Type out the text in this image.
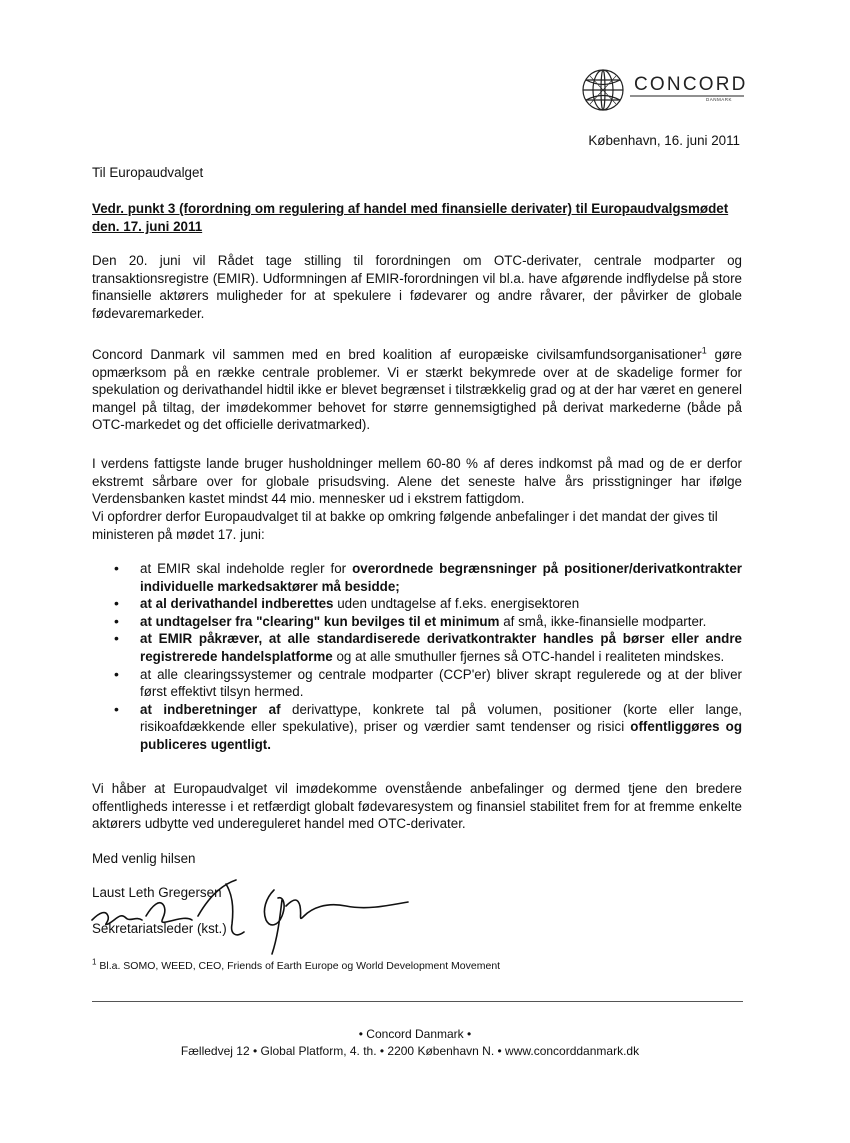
CONCORD
DANMARK
København, 16. juni 2011
Til Europaudvalget
Vedr. punkt 3 (forordning om regulering af handel med finansielle derivater) til Europaudvalgsmødet den. 17. juni 2011
Den 20. juni vil Rådet tage stilling til forordningen om OTC-derivater, centrale modparter og transaktionsregistre (EMIR). Udformningen af EMIR-forordningen vil bl.a. have afgørende indflydelse på store finansielle aktørers muligheder for at spekulere i fødevarer og andre råvarer, der påvirker de globale fødevaremarkeder.
Concord Danmark vil sammen med en bred koalition af europæiske civilsamfundsorganisationer$^1$ gøre opmærksom på en række centrale problemer. Vi er stærkt bekymrede over at de skadelige former for spekulation og derivathandel hidtil ikke er blevet begrænset i tilstrækkelig grad og at der har været en generel mangel på tiltag, der imødekommer behovet for større gennemsigtighed på derivat markederne (både på OTC-markedet og det officielle derivatmarked).
I verdens fattigste lande bruger husholdninger mellem 60-80 % af deres indkomst på mad og de er derfor ekstremt sårbare over for globale prisudsving. Alene det seneste halve års prisstigninger har ifølge Verdensbanken kastet mindst 44 mio. mennesker ud i ekstrem fattigdom.
Vi opfordrer derfor Europaudvalget til at bakke op omkring følgende anbefalinger i det mandat der gives til ministeren på mødet 17. juni:
• at EMIR skal indeholde regler for overordnede begrænsninger på positioner/derivatkontrakter individuelle markedsaktører må besidde;
• at al derivathandel indberettes uden undtagelse af f.eks. energisektoren
• at undtagelser fra "clearing" kun bevilges til et minimum af små, ikke-finansielle modparter.
• at EMIR påkræver, at alle standardiserede derivatkontrakter handles på børser eller andre registrerede handelsplatforme og at alle smuthuller fjernes så OTC-handel i realiteten mindskes.
• at alle clearingssystemer og centrale modparter (CCP'er) bliver skrapt regulerede og at der bliver først effektivt tilsyn hermed.
• at indberetninger af derivattype, konkrete tal på volumen, positioner (korte eller lange, risikoafdækkende eller spekulative), priser og værdier samt tendenser og risici offentliggøres og publiceres ugentligt.
Vi håber at Europaudvalget vil imødekomme ovenstående anbefalinger og dermed tjene den bredere offentligheds interesse i et retfærdigt globalt fødevaresystem og finansiel stabilitet frem for at fremme enkelte aktørers udbytte ved undereguleret handel med OTC-derivater.
Med venlig hilsen
Laust Leth Gregersen
Sekretariatsleder (kst.)
$^1$ Bl.a. SOMO, WEED, CEO, Friends of Earth Europe og World Development Movement
• Concord Danmark •
Fælledvej 12 • Global Platform, 4. th. • 2200 København N. • www.concorddanmark.dk
